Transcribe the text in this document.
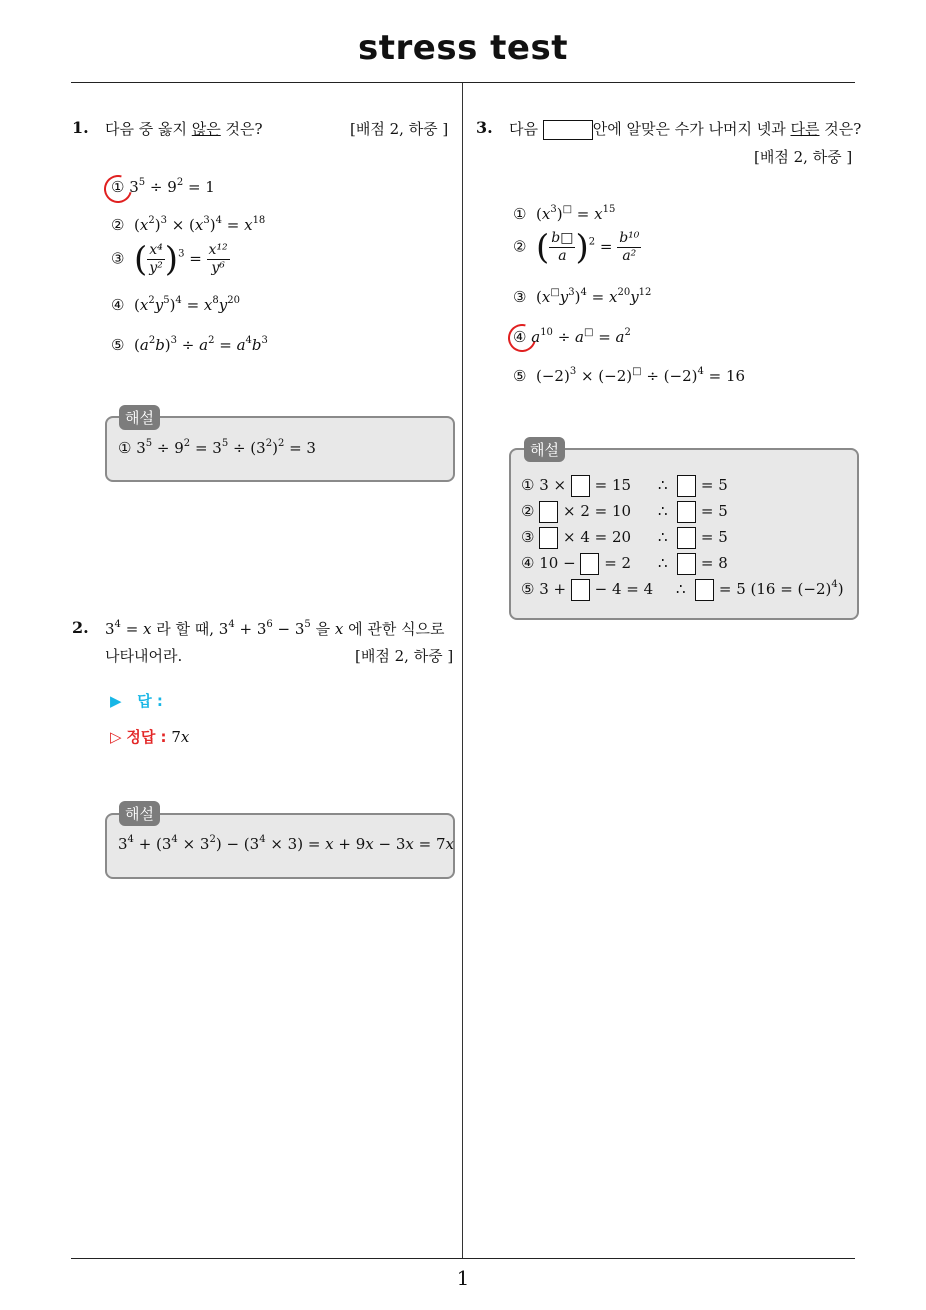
stress test
1
1. 다음 중 옳지 않은 것은?	[배점 2, 하중 ]
① $3^5 \div 9^2 = 1$
② $(x^2)^3 \times (x^3)^4 = x^{18}$
③ ( $\frac{\text{x⁴}}{\text{y²}} )^3 = \frac{\text{x¹²}}{\text{y⁶}}$
④ $(x^2y^5)^4 = x^8y^{20}$
⑤ $(a^2b)^3 \div a^2 = a^4b^3$
해설
① $3^5 \div 9^2 = 3^5 \div (3^2)^2 = 3$
2. $3^4 = x$ 라 할 때, $3^4 + 3^6 - 3^5$ 을 x 에 관한 식으로
나타내어라.	[배점 2, 하중 ]
▶ 답 :
▷ 정답 : 7x
해설
$3^4 + (3^4 \times 3^2) - (3^4 \times 3) = x + 9x - 3x = 7x$
3. 다음	안에 알맞은 수가 나머지 넷과 다른 것은?
[배점 2, 하중 ]
① $(x^3)^□ = x^{15}$
② ( $\frac{b□}{a} )^2 = \frac{\text{b¹⁰}}{\text{a²}}$
③ $(x^□y^3)^4 = x^{20}y^{12}$
④ $a^{10} \div a^□ = a^2$
⑤ $(-2)^3 \times (-2)^□ \div (-2)^4 = 16$
해설
① 3 ×  = 15 ∴   = 5
②  × 2 = 10 ∴   = 5
③  × 4 = 20 ∴   = 5
④ 10 −  = 2 ∴   = 8
⑤ 3 +  − 4 = 4 ∴   = 5 $(16 = (-2)^4)$
